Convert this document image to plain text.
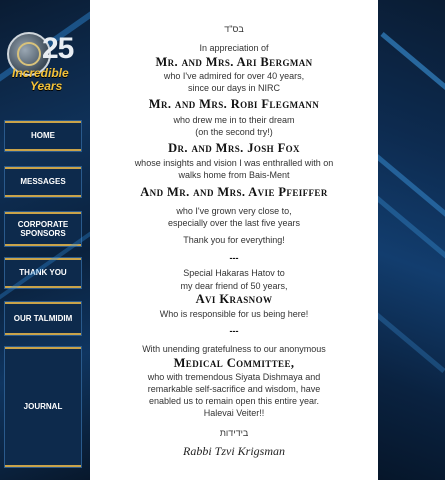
25
Incredible
Years
HOME
MESSAGES
CORPORATE
SPONSORS
THANK YOU
OUR TALMIDIM
JOURNAL
בס"ד
In appreciation of
Mr. and Mrs. Ari Bergman
who I've admired for over 40 years,
since our days in NIRC
Mr. and Mrs. Robi Flegmann
who drew me in to their dream
(on the second try!)
Dr. and Mrs. Josh Fox
whose insights and vision I was enthralled with on
walks home from Bais-Ment
And Mr. and Mrs. Avie Pfeiffer
who I've grown very close to,
especially over the last five years
Thank you for everything!
---
Special Hakaras Hatov to
my dear friend of 50 years,
Avi Krasnow
Who is responsible for us being here!
---
With unending gratefulness to our anonymous
Medical Committee,
who with tremendous Siyata Dishmaya and
remarkable self-sacrifice and wisdom, have
enabled us to remain open this entire year.
Halevai Veiter!!
בידידות
Rabbi Tzvi Krigsman
